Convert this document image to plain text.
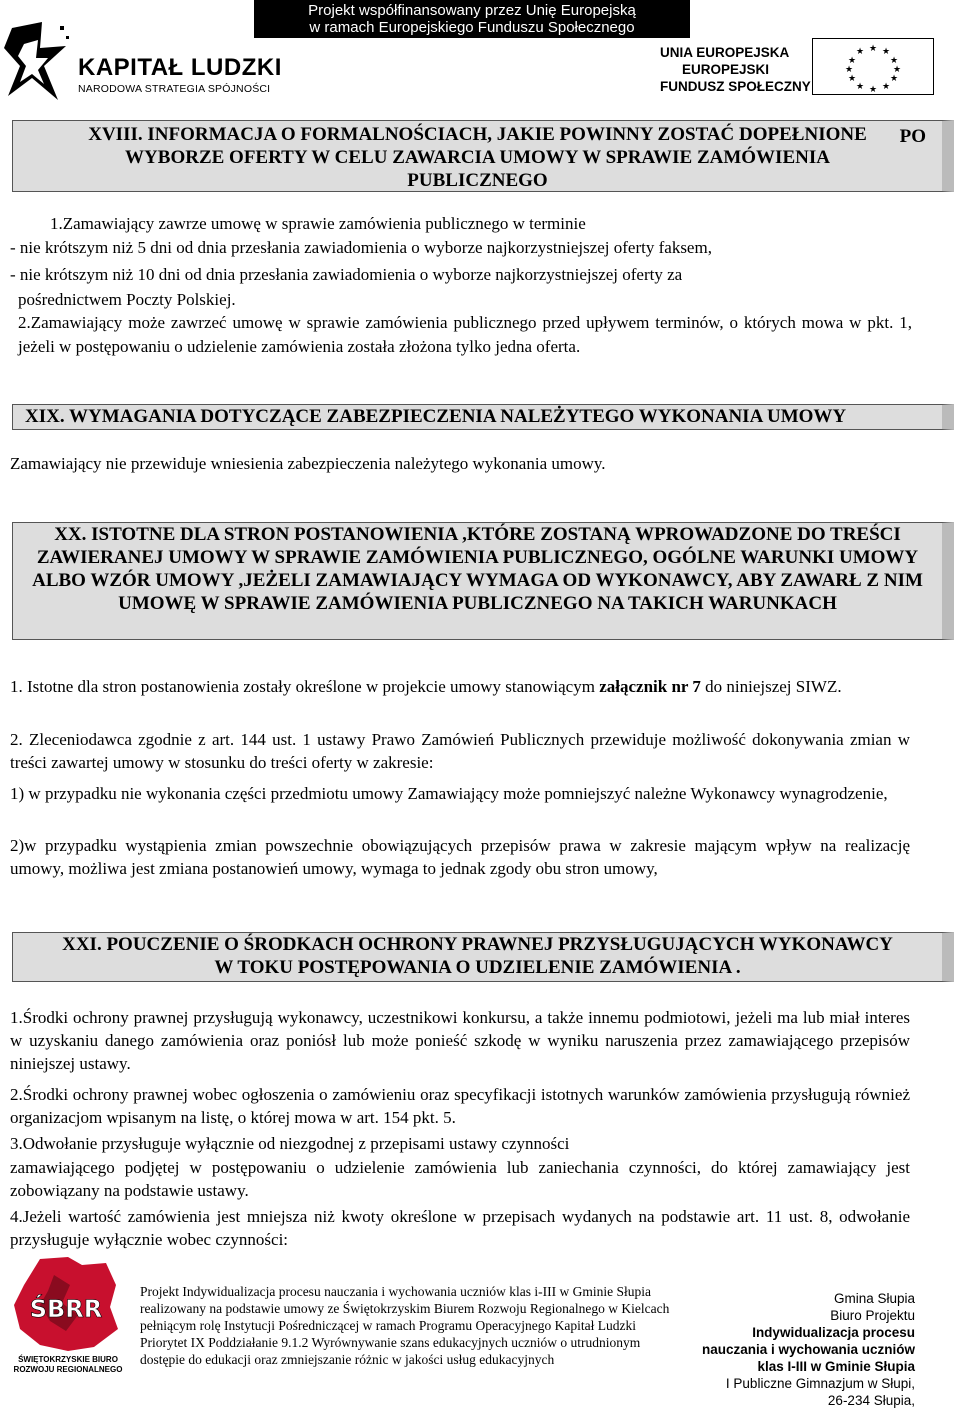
Projekt współfinansowany przez Unię Europejską
w ramach Europejskiego Funduszu Społecznego
KAPITAŁ LUDZKI
NARODOWA STRATEGIA SPÓJNOŚCI
UNIA EUROPEJSKA
EUROPEJSKI
FUNDUSZ SPOŁECZNY
★ ★
★
★
★
★
★
★
★
★
★
★
XVIII. INFORMACJA O FORMALNOŚCIACH, JAKIE POWINNY ZOSTAĆ DOPEŁNIONE PO
WYBORZE OFERTY W CELU ZAWARCIA UMOWY W SPRAWIE ZAMÓWIENIA
PUBLICZNEGO
1.Zamawiający zawrze umowę w sprawie zamówienia publicznego w terminie
- nie krótszym niż 5 dni od dnia przesłania zawiadomienia o wyborze najkorzystniejszej oferty faksem,
- nie krótszym niż 10 dni od dnia przesłania zawiadomienia o wyborze najkorzystniejszej oferty za
pośrednictwem Poczty Polskiej.
2.Zamawiający może zawrzeć umowę w sprawie zamówienia publicznego przed upływem terminów, o których mowa w pkt. 1, jeżeli w postępowaniu o udzielenie zamówienia została złożona tylko jedna oferta.
XIX. WYMAGANIA DOTYCZĄCE ZABEZPIECZENIA NALEŻYTEGO WYKONANIA UMOWY
Zamawiający nie przewiduje wniesienia zabezpieczenia należytego wykonania umowy.
XX. ISTOTNE DLA STRON POSTANOWIENIA ,KTÓRE ZOSTANĄ WPROWADZONE DO TREŚCI ZAWIERANEJ UMOWY W SPRAWIE ZAMÓWIENIA PUBLICZNEGO, OGÓLNE WARUNKI UMOWY ALBO WZÓR UMOWY ,JEŻELI ZAMAWIAJĄCY WYMAGA OD WYKONAWCY, ABY ZAWARŁ Z NIM UMOWĘ W SPRAWIE ZAMÓWIENIA PUBLICZNEGO NA TAKICH WARUNKACH
1. Istotne dla stron postanowienia zostały określone w projekcie umowy stanowiącym załącznik nr 7 do niniejszej SIWZ.
2. Zleceniodawca zgodnie z art. 144 ust. 1 ustawy Prawo Zamówień Publicznych przewiduje możliwość dokonywania zmian w treści zawartej umowy w stosunku do treści oferty w zakresie:
1) w przypadku nie wykonania części przedmiotu umowy Zamawiający może pomniejszyć należne Wykonawcy wynagrodzenie,
2)w przypadku wystąpienia zmian powszechnie obowiązujących przepisów prawa w zakresie mającym wpływ na realizację umowy, możliwa jest zmiana postanowień umowy, wymaga to jednak zgody obu stron umowy,
XXI. POUCZENIE O ŚRODKACH OCHRONY PRAWNEJ PRZYSŁUGUJĄCYCH WYKONAWCY
W TOKU POSTĘPOWANIA O UDZIELENIE ZAMÓWIENIA .
1.Środki ochrony prawnej przysługują wykonawcy, uczestnikowi konkursu, a także innemu podmiotowi, jeżeli ma lub miał interes w uzyskaniu danego zamówienia oraz poniósł lub może ponieść szkodę w wyniku naruszenia przez zamawiającego przepisów niniejszej ustawy.
2.Środki ochrony prawnej wobec ogłoszenia o zamówieniu oraz specyfikacji istotnych warunków zamówienia przysługują również organizacjom wpisanym na listę, o której mowa w art. 154 pkt. 5.
3.Odwołanie przysługuje wyłącznie od niezgodnej z przepisami ustawy czynności
zamawiającego podjętej w postępowaniu o udzielenie zamówienia lub zaniechania czynności, do której zamawiający jest zobowiązany na podstawie ustawy.
4.Jeżeli wartość zamówienia jest mniejsza niż kwoty określone w przepisach wydanych na podstawie art. 11 ust. 8, odwołanie przysługuje wyłącznie wobec czynności:
ŚBRR
ŚWIĘTOKRZYSKIE BIURO ROZWOJU REGIONALNEGO
Projekt Indywidualizacja procesu nauczania i wychowania uczniów klas i-III w Gminie Słupia realizowany na podstawie umowy ze Świętokrzyskim Biurem Rozwoju Regionalnego w Kielcach pełniącym rolę Instytucji Pośredniczącej w ramach Programu Operacyjnego Kapitał Ludzki Priorytet IX Poddziałanie 9.1.2 Wyrównywanie szans edukacyjnych uczniów o utrudnionym dostępie do edukacji oraz zmniejszanie różnic w jakości usług edukacyjnych
Gmina Słupia
Biuro Projektu
Indywidualizacja procesu
nauczania i wychowania uczniów
klas I-III w Gminie Słupia
I Publiczne Gimnazjum w Słupi,
26-234 Słupia,
